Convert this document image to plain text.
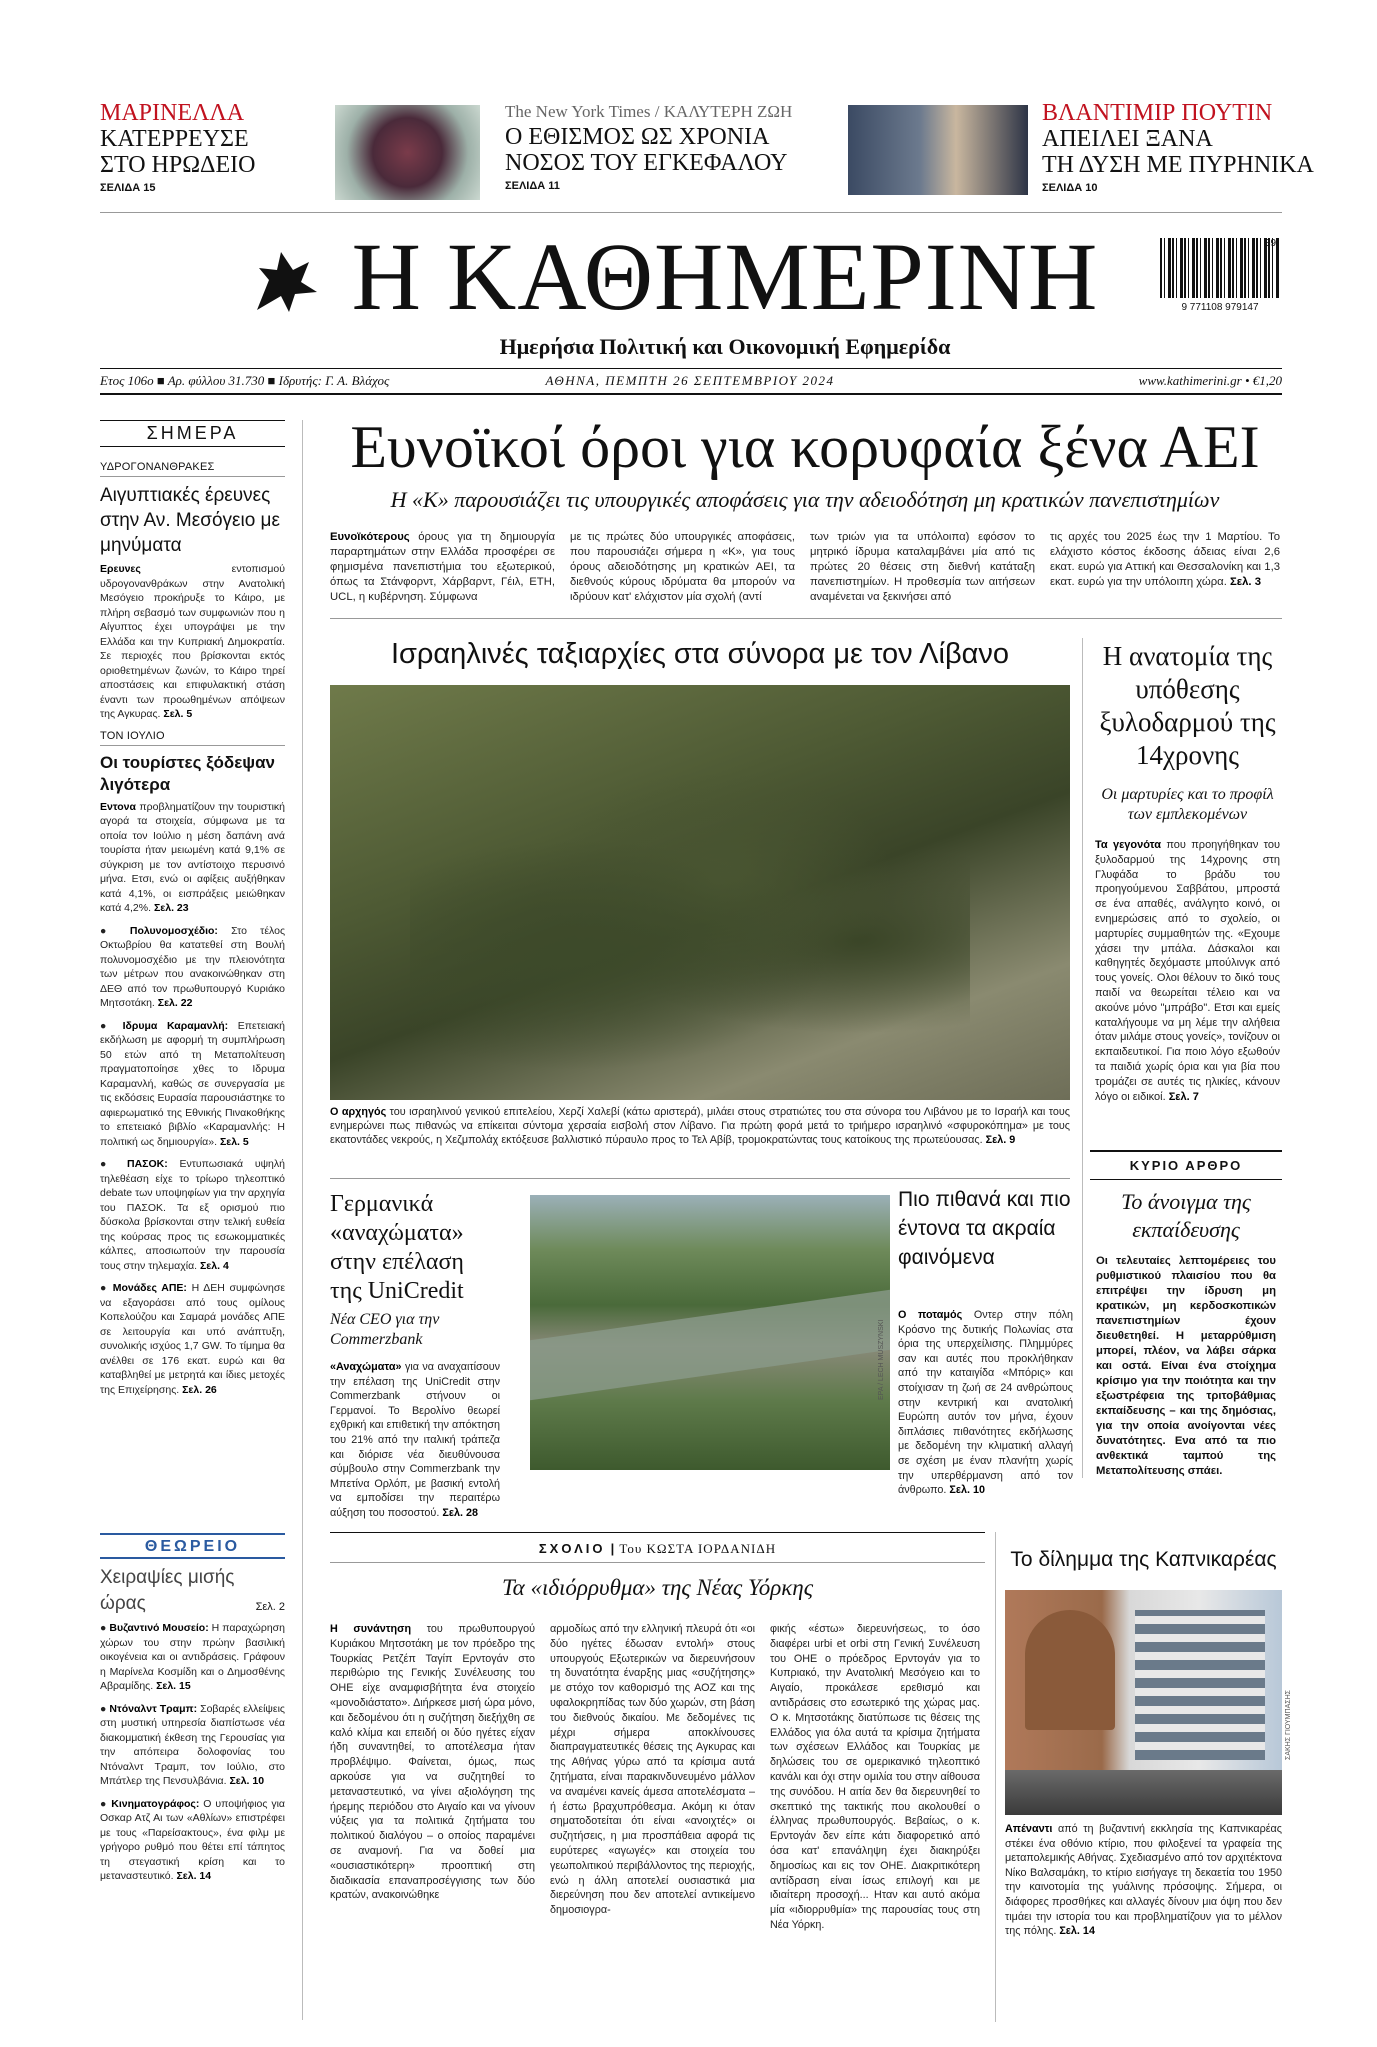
ΜΑΡΙΝΕΛΛΑ
ΚΑΤΕΡΡΕΥΣΕ
ΣΤΟ ΗΡΩΔΕΙΟ
ΣΕΛΙΔΑ 15
The New York Times / ΚΑΛΥΤΕΡΗ ΖΩΗ
Ο ΕΘΙΣΜΟΣ ΩΣ ΧΡΟΝΙΑ
ΝΟΣΟΣ ΤΟΥ ΕΓΚΕΦΑΛΟΥ
ΣΕΛΙΔΑ 11
ΒΛΑΝΤΙΜΙΡ ΠΟΥΤΙΝ
ΑΠΕΙΛΕΙ ΞΑΝΑ
ΤΗ ΔΥΣΗ ΜΕ ΠΥΡΗΝΙΚΑ
ΣΕΛΙΔΑ 10
Η ΚΑΘΗΜΕΡΙΝΗ
Ημερήσια Πολιτική και Οικονομική Εφημερίδα
39
9 771108 979147
Ετος 106ο ■ Αρ. φύλλου 31.730 ■ Ιδρυτής: Γ. Α. Βλάχος	ΑΘΗΝΑ, ΠΕΜΠΤΗ 26 ΣΕΠΤΕΜΒΡΙΟΥ 2024	www.kathimerini.gr • €1,20
ΣΗΜΕΡΑ
ΥΔΡΟΓΟΝΑΝΘΡΑΚΕΣ
Αιγυπτιακές έρευνες στην Αν. Μεσόγειο με μηνύματα
Ερευνες εντοπισμού υδρογονανθράκων στην Ανατολική Μεσόγειο προκήρυξε το Κάιρο, με πλήρη σεβασμό των συμφωνιών που η Αίγυπτος έχει υπογράψει με την Ελλάδα και την Κυπριακή Δημοκρατία. Σε περιοχές που βρίσκονται εκτός οριοθετημένων ζωνών, το Κάιρο τηρεί αποστάσεις και επιφυλακτική στάση έναντι των προωθημένων απόψεων της Αγκυρας. Σελ. 5
ΤΟΝ ΙΟΥΛΙΟ
Οι τουρίστες ξόδεψαν λιγότερα
Εντονα προβληματίζουν την τουριστική αγορά τα στοιχεία, σύμφωνα με τα οποία τον Ιούλιο η μέση δαπάνη ανά τουρίστα ήταν μειωμένη κατά 9,1% σε σύγκριση με τον αντίστοιχο περυσινό μήνα. Ετσι, ενώ οι αφίξεις αυξήθηκαν κατά 4,1%, οι εισπράξεις μειώθηκαν κατά 4,2%. Σελ. 23
● Πολυνομοσχέδιο: Στο τέλος Οκτωβρίου θα κατατεθεί στη Βουλή πολυνομοσχέδιο με την πλειονότητα των μέτρων που ανακοινώθηκαν στη ΔΕΘ από τον πρωθυπουργό Κυριάκο Μητσοτάκη. Σελ. 22
● Ιδρυμα Καραμανλή: Επετειακή εκδήλωση με αφορμή τη συμπλήρωση 50 ετών από τη Μεταπολίτευση πραγματοποίησε χθες το Ιδρυμα Καραμανλή, καθώς σε συνεργασία με τις εκδόσεις Ευρασία παρουσιάστηκε το αφιερωματικό της Εθνικής Πινακοθήκης το επετειακό βιβλίο «Καραμανλής: Η πολιτική ως δημιουργία». Σελ. 5
● ΠΑΣΟΚ: Εντυπωσιακά υψηλή τηλεθέαση είχε το τρίωρο τηλεοπτικό debate των υποψηφίων για την αρχηγία του ΠΑΣΟΚ. Τα εξ ορισμού πιο δύσκολα βρίσκονται στην τελική ευθεία της κούρσας προς τις εσωκομματικές κάλπες, αποσιωπούν την παρουσία τους στην τηλεμαχία. Σελ. 4
● Μονάδες ΑΠΕ: Η ΔΕΗ συμφώνησε να εξαγοράσει από τους ομίλους Κοπελούζου και Σαμαρά μονάδες ΑΠΕ σε λειτουργία και υπό ανάπτυξη, συνολικής ισχύος 1,7 GW. Το τίμημα θα ανέλθει σε 176 εκατ. ευρώ και θα καταβληθεί με μετρητά και ίδιες μετοχές της Επιχείρησης. Σελ. 26
ΘΕΩΡΕΙΟ
Χειραψίες μισής ώρας	Σελ. 2
● Βυζαντινό Μουσείο: Η παραχώρηση χώρων του στην πρώην βασιλική οικογένεια και οι αντιδράσεις. Γράφουν η Μαρίνελα Κοσμίδη και ο Δημοσθένης Αβραμίδης. Σελ. 15
● Ντόναλντ Τραμπ: Σοβαρές ελλείψεις στη μυστική υπηρεσία διαπίστωσε νέα διακομματική έκθεση της Γερουσίας για την απόπειρα δολοφονίας του Ντόναλντ Τραμπ, τον Ιούλιο, στο Μπάτλερ της Πενσυλβάνια. Σελ. 10
● Κινηματογράφος: Ο υποψήφιος για Οσκαρ Ατζ Αι των «Αθλίων» επιστρέφει με τους «Παρείσακτους», ένα φιλμ με γρήγορο ρυθμό που θέτει επί τάπητος τη στεγαστική κρίση και το μεταναστευτικό. Σελ. 14
Ευνοϊκοί όροι για κορυφαία ξένα ΑΕΙ
Η «Κ» παρουσιάζει τις υπουργικές αποφάσεις για την αδειοδότηση μη κρατικών πανεπιστημίων
Ευνοϊκότερους όρους για τη δημιουργία παραρτημάτων στην Ελλάδα προσφέρει σε φημισμένα πανεπιστήμια του εξωτερικού, όπως τα Στάνφορντ, Χάρβαρντ, Γέιλ, ΕΤΗ, UCL, η κυβέρνηση. Σύμφωνα
με τις πρώτες δύο υπουργικές αποφάσεις, που παρουσιάζει σήμερα η «Κ», για τους όρους αδειοδότησης μη κρατικών ΑΕΙ, τα διεθνούς κύρους ιδρύματα θα μπορούν να ιδρύουν κατ' ελάχιστον μία σχολή (αντί
των τριών για τα υπόλοιπα) εφόσον το μητρικό ίδρυμα καταλαμβάνει μία από τις πρώτες 20 θέσεις στη διεθνή κατάταξη πανεπιστημίων. Η προθεσμία των αιτήσεων αναμένεται να ξεκινήσει από
τις αρχές του 2025 έως την 1 Μαρτίου. Το ελάχιστο κόστος έκδοσης άδειας είναι 2,6 εκατ. ευρώ για Αττική και Θεσσαλονίκη και 1,3 εκατ. ευρώ για την υπόλοιπη χώρα. Σελ. 3
Ισραηλινές ταξιαρχίες στα σύνορα με τον Λίβανο
Ο αρχηγός του ισραηλινού γενικού επιτελείου, Χερζί Χαλεβί (κάτω αριστερά), μιλάει στους στρατιώτες του στα σύνορα του Λιβάνου με το Ισραήλ και τους ενημερώνει πως πιθανώς να επίκειται σύντομα χερσαία εισβολή στον Λίβανο. Για πρώτη φορά μετά το τριήμερο ισραηλινό «σφυροκόπημα» με τους εκατοντάδες νεκρούς, η Χεζμπολάχ εκτόξευσε βαλλιστικό πύραυλο προς το Τελ Αβίβ, τρομοκρατώντας τους κατοίκους της πρωτεύουσας. Σελ. 9
Η ανατομία της υπόθεσης ξυλοδαρμού της 14χρονης
Οι μαρτυρίες και το προφίλ των εμπλεκομένων
Τα γεγονότα που προηγήθηκαν του ξυλοδαρμού της 14χρονης στη Γλυφάδα το βράδυ του προηγούμενου Σαββάτου, μπροστά σε ένα απαθές, ανάλγητο κοινό, οι ενημερώσεις από το σχολείο, οι μαρτυρίες συμμαθητών της. «Εχουμε χάσει την μπάλα. Δάσκαλοι και καθηγητές δεχόμαστε μπούλινγκ από τους γονείς. Ολοι θέλουν το δικό τους παιδί να θεωρείται τέλειο και να ακούνε μόνο "μπράβο". Ετσι και εμείς καταλήγουμε να μη λέμε την αλήθεια όταν μιλάμε στους γονείς», τονίζουν οι εκπαιδευτικοί. Για ποιο λόγο εξωθούν τα παιδιά χωρίς όρια και για βία που τρομάζει σε αυτές τις ηλικίες, κάνουν λόγο οι ειδικοί. Σελ. 7
ΚΥΡΙΟ ΑΡΘΡΟ
Το άνοιγμα της εκπαίδευσης
Οι τελευταίες λεπτομέρειες του ρυθμιστικού πλαισίου που θα επιτρέψει την ίδρυση μη κρατικών, μη κερδοσκοπικών πανεπιστημίων έχουν διευθετηθεί. Η μεταρρύθμιση μπορεί, πλέον, να λάβει σάρκα και οστά. Είναι ένα στοίχημα κρίσιμο για την ποιότητα και την εξωστρέφεια της τριτοβάθμιας εκπαίδευσης – και της δημόσιας, για την οποία ανοίγονται νέες δυνατότητες. Ενα από τα πιο ανθεκτικά ταμπού της Μεταπολίτευσης σπάει.
Γερμανικά «αναχώματα» στην επέλαση της UniCredit
Νέα CEO για την Commerzbank
«Αναχώματα» για να αναχαιτίσουν την επέλαση της UniCredit στην Commerzbank στήνουν οι Γερμανοί. Το Βερολίνο θεωρεί εχθρική και επιθετική την απόκτηση του 21% από την ιταλική τράπεζα και διόρισε νέα διευθύνουσα σύμβουλο στην Commerzbank την Μπετίνα Ορλόπ, με βασική εντολή να εμποδίσει την περαιτέρω αύξηση του ποσοστού. Σελ. 28
EPA / LECH MUSZYNSKI
Πιο πιθανά και πιο έντονα τα ακραία φαινόμενα
Ο ποταμός Οντερ στην πόλη Κρόσνο της δυτικής Πολωνίας στα όρια της υπερχείλισης. Πλημμύρες σαν και αυτές που προκλήθηκαν από την καταιγίδα «Μπόρις» και στοίχισαν τη ζωή σε 24 ανθρώπους στην κεντρική και ανατολική Ευρώπη αυτόν τον μήνα, έχουν διπλάσιες πιθανότητες εκδήλωσης με δεδομένη την κλιματική αλλαγή σε σχέση με έναν πλανήτη χωρίς την υπερθέρμανση από τον άνθρωπο. Σελ. 10
ΣΧΟΛΙΟ | Του ΚΩΣΤΑ ΙΟΡΔΑΝΙΔΗ
Τα «ιδιόρρυθμα» της Νέας Υόρκης
Η συνάντηση του πρωθυπουργού Κυριάκου Μητσοτάκη με τον πρόεδρο της Τουρκίας Ρετζέπ Ταγίπ Ερντογάν στο περιθώριο της Γενικής Συνέλευσης του ΟΗΕ είχε αναμφισβήτητα ένα στοιχείο «μονοδιάστατο». Διήρκεσε μισή ώρα μόνο, και δεδομένου ότι η συζήτηση διεξήχθη σε καλό κλίμα και επειδή οι δύο ηγέτες είχαν ήδη συναντηθεί, το αποτέλεσμα ήταν προβλέψιμο. Φαίνεται, όμως, πως αρκούσε για να συζητηθεί το μεταναστευτικό, να γίνει αξιολόγηση της ήρεμης περιόδου στο Αιγαίο και να γίνουν νύξεις για τα πολιτικά ζητήματα του πολιτικού διαλόγου – ο οποίος παραμένει σε αναμονή. Για να δοθεί μια «ουσιαστικότερη» προοπτική στη διαδικασία επαναπροσέγγισης των δύο κρατών, ανακοινώθηκε
αρμοδίως από την ελληνική πλευρά ότι «οι δύο ηγέτες έδωσαν εντολή» στους υπουργούς Εξωτερικών να διερευνήσουν τη δυνατότητα έναρξης μιας «συζήτησης» με στόχο τον καθορισμό της ΑΟΖ και της υφαλοκρηπίδας των δύο χωρών, στη βάση του διεθνούς δικαίου. Με δεδομένες τις μέχρι σήμερα αποκλίνουσες διαπραγματευτικές θέσεις της Αγκυρας και της Αθήνας γύρω από τα κρίσιμα αυτά ζητήματα, είναι παρακινδυνευμένο μάλλον να αναμένει κανείς άμεσα αποτελέσματα – ή έστω βραχυπρόθεσμα. Ακόμη κι όταν σηματοδοτείται ότι είναι «ανοιχτές» οι συζητήσεις, η μια προσπάθεια αφορά τις ευρύτερες «αγωγές» και στοιχεία του γεωπολιτικού περιβάλλοντος της περιοχής, ενώ η άλλη αποτελεί ουσιαστικά μια διερεύνηση που δεν αποτελεί αντικείμενο δημοσιογρα-
φικής «έστω» διερευνήσεως, το όσο διαφέρει urbi et orbi στη Γενική Συνέλευση του ΟΗΕ ο πρόεδρος Ερντογάν για το Κυπριακό, την Ανατολική Μεσόγειο και το Αιγαίο, προκάλεσε ερεθισμό και αντιδράσεις στο εσωτερικό της χώρας μας. Ο κ. Μητσοτάκης διατύπωσε τις θέσεις της Ελλάδος για όλα αυτά τα κρίσιμα ζητήματα των σχέσεων Ελλάδος και Τουρκίας με δηλώσεις του σε ομερικανικό τηλεοπτικό κανάλι και όχι στην ομιλία του στην αίθουσα της συνόδου. Η αιτία δεν θα διερευνηθεί το σκεπτικό της τακτικής που ακολουθεί ο έλληνας πρωθυπουργός. Βεβαίως, ο κ. Ερντογάν δεν είπε κάτι διαφορετικό από όσα κατ' επανάληψη έχει διακηρύξει δημοσίως και εις τον ΟΗΕ. Διακριτικότερη αντίδραση είναι ίσως επιλογή και με ιδιαίτερη προσοχή... Ηταν και αυτό ακόμα μία «ιδιορρυθμία» της παρουσίας τους στη Νέα Υόρκη.
Το δίλημμα της Καπνικαρέας
ΣΑΚΗΣ ΓΙΟΥΜΠΑΣΗΣ
Απέναντι από τη βυζαντινή εκκλησία της Καπνικαρέας στέκει ένα οθόνιο κτίριο, που φιλοξενεί τα γραφεία της μεταπολεμικής Αθήνας. Σχεδιασμένο από τον αρχιτέκτονα Νίκο Βαλσαμάκη, το κτίριο εισήγαγε τη δεκαετία του 1950 την καινοτομία της γυάλινης πρόσοψης. Σήμερα, οι διάφορες προσθήκες και αλλαγές δίνουν μια όψη που δεν τιμάει την ιστορία του και προβληματίζουν για το μέλλον της πόλης. Σελ. 14
